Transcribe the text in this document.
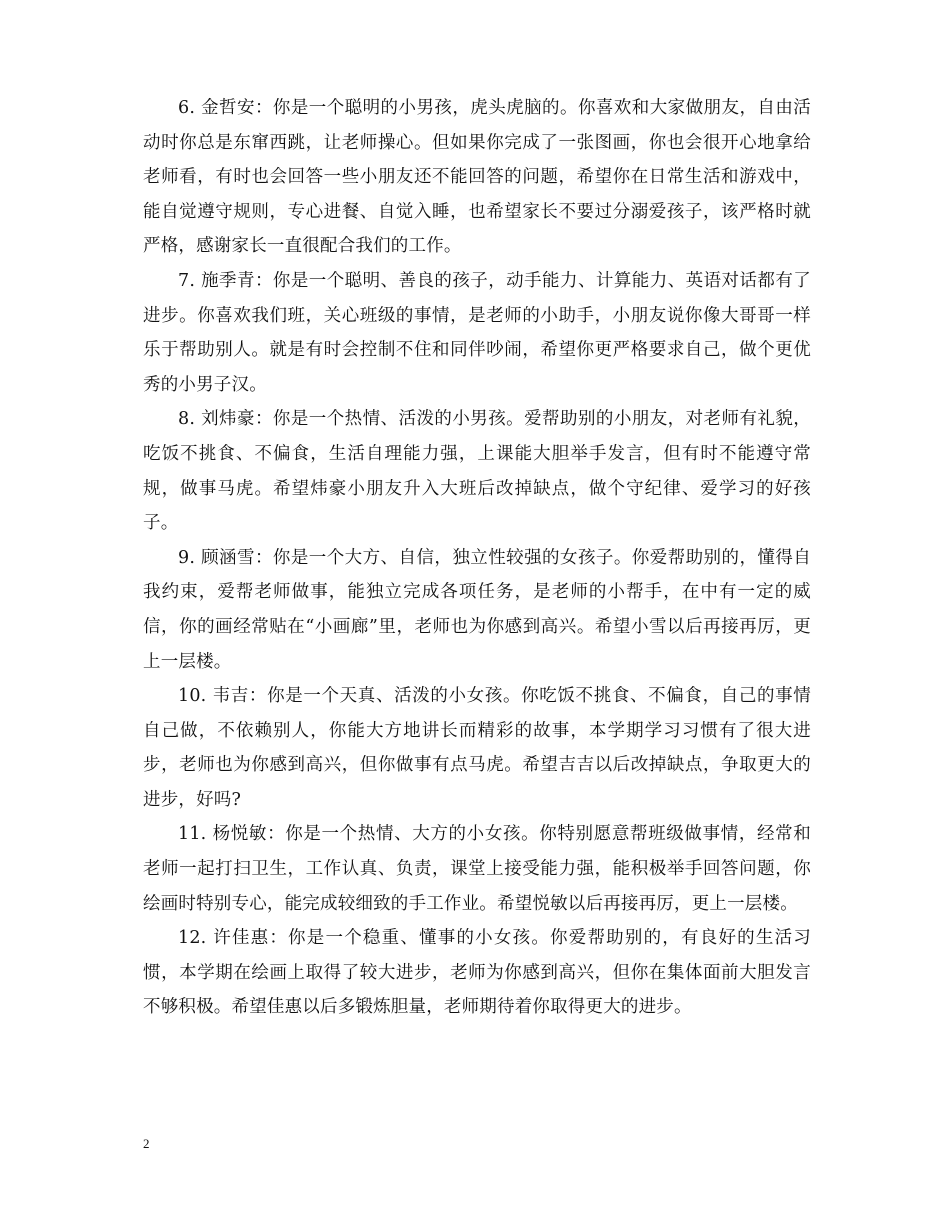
6. 金哲安：你是一个聪明的小男孩，虎头虎脑的。你喜欢和大家做朋友，自由活动时你总是东窜西跳，让老师操心。但如果你完成了一张图画，你也会很开心地拿给老师看，有时也会回答一些小朋友还不能回答的问题，希望你在日常生活和游戏中，能自觉遵守规则，专心进餐、自觉入睡，也希望家长不要过分溺爱孩子，该严格时就严格，感谢家长一直很配合我们的工作。

7. 施季青：你是一个聪明、善良的孩子，动手能力、计算能力、英语对话都有了进步。你喜欢我们班，关心班级的事情，是老师的小助手，小朋友说你像大哥哥一样乐于帮助别人。就是有时会控制不住和同伴吵闹，希望你更严格要求自己，做个更优秀的小男子汉。

8. 刘炜豪：你是一个热情、活泼的小男孩。爱帮助别的小朋友，对老师有礼貌，吃饭不挑食、不偏食，生活自理能力强，上课能大胆举手发言，但有时不能遵守常规，做事马虎。希望炜豪小朋友升入大班后改掉缺点，做个守纪律、爱学习的好孩子。

9. 顾涵雪：你是一个大方、自信，独立性较强的女孩子。你爱帮助别的，懂得自我约束，爱帮老师做事，能独立完成各项任务，是老师的小帮手，在中有一定的威信，你的画经常贴在“小画廊”里，老师也为你感到高兴。希望小雪以后再接再厉，更上一层楼。

10. 韦吉：你是一个天真、活泼的小女孩。你吃饭不挑食、不偏食，自己的事情自己做，不依赖别人，你能大方地讲长而精彩的故事，本学期学习习惯有了很大进步，老师也为你感到高兴，但你做事有点马虎。希望吉吉以后改掉缺点，争取更大的进步，好吗?

11. 杨悦敏：你是一个热情、大方的小女孩。你特别愿意帮班级做事情，经常和老师一起打扫卫生，工作认真、负责，课堂上接受能力强，能积极举手回答问题，你绘画时特别专心，能完成较细致的手工作业。希望悦敏以后再接再厉，更上一层楼。

12. 许佳惠：你是一个稳重、懂事的小女孩。你爱帮助别的，有良好的生活习惯，本学期在绘画上取得了较大进步，老师为你感到高兴，但你在集体面前大胆发言不够积极。希望佳惠以后多锻炼胆量，老师期待着你取得更大的进步。

2
